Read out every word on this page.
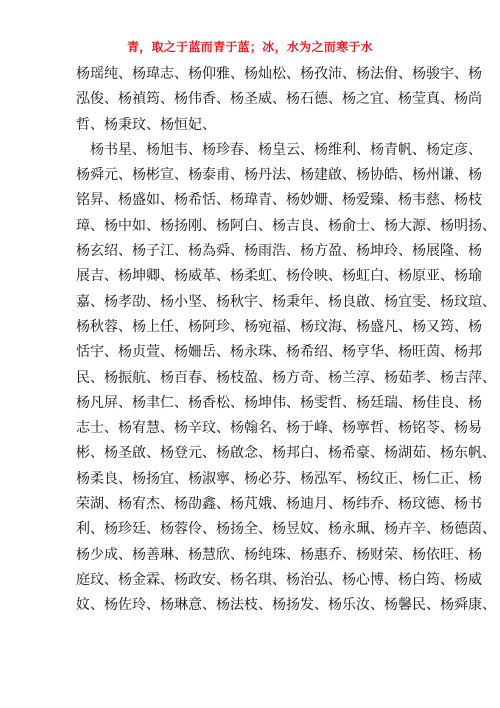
青，取之于蓝而青于蓝；冰，水为之而寒于水
杨瑶纯、杨瑋志、杨仰雅、杨灿松、杨孜沛、杨法佾、杨骏宇、杨
泓俊、杨禎筠、杨伟香、杨圣威、杨石德、杨之宜、杨莹真、杨尚
哲、杨秉玟、杨恒妃、
杨书星、杨旭韦、杨珍春、杨皇云、杨维利、杨青帆、杨定彦、
杨舜元、杨彬宣、杨泰甫、杨丹法、杨建啟、杨协皓、杨州谦、杨
铭昇、杨盛如、杨希恬、杨瑋青、杨妙姗、杨爱臻、杨韦慈、杨枝
璋、杨中如、杨扬刚、杨阿白、杨吉良、杨俞士、杨大源、杨明扬、
杨玄绍、杨子江、杨為舜、杨雨浩、杨方盈、杨坤玲、杨展隆、杨
展吉、杨坤卿、杨威革、杨柔虹、杨伶映、杨虹白、杨原亚、杨瑜
嘉、杨孝劭、杨小坚、杨秋宇、杨秉年、杨良啟、杨宜雯、杨玟瑄、
杨秋蓉、杨上任、杨阿珍、杨宛福、杨玟海、杨盛凡、杨又筠、杨
恬宇、杨贞萱、杨姍岳、杨永珠、杨希绍、杨亨华、杨旺茵、杨邦
民、杨振航、杨百春、杨枝盈、杨方奇、杨兰淳、杨茹孝、杨吉萍、
杨凡屏、杨聿仁、杨香松、杨坤伟、杨雯哲、杨廷瑞、杨佳良、杨
志士、杨宥慧、杨辛玟、杨翰名、杨于峰、杨寧哲、杨铭苓、杨易
彬、杨圣啟、杨登元、杨啟念、杨邦白、杨希豪、杨湖茹、杨东帆、
杨柔良、杨扬宜、杨淑寧、杨必芬、杨泓军、杨纹正、杨仁正、杨
荣湖、杨宥杰、杨劭鑫、杨芃娥、杨迪月、杨纬乔、杨玟德、杨书
利、杨珍廷、杨蓉伶、杨扬全、杨昱妏、杨永珮、杨卉辛、杨德茵、
杨少成、杨善琳、杨慧欣、杨纯珠、杨惠乔、杨财荣、杨依旺、杨
庭玟、杨金霖、杨政安、杨名琪、杨治弘、杨心博、杨白筠、杨威
妏、杨佐玲、杨琳意、杨法枝、杨扬发、杨乐汝、杨馨民、杨舜康、
